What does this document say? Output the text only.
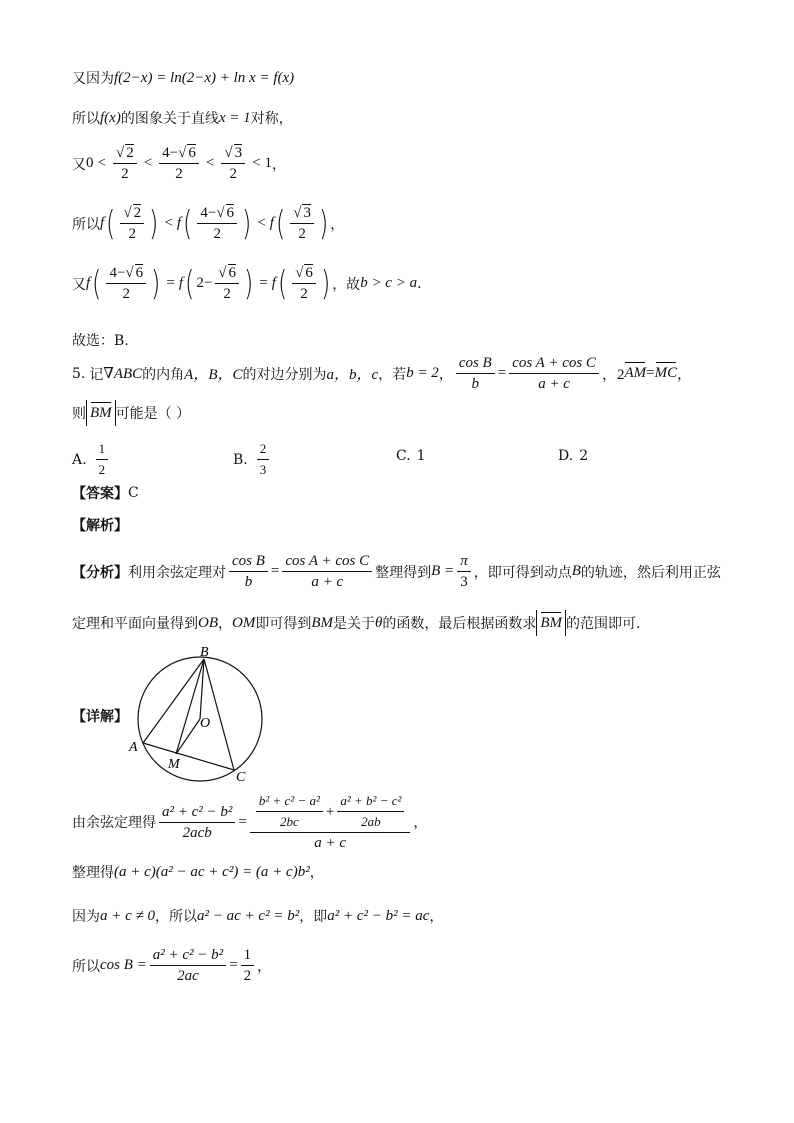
又因为 f(2−x) = ln(2−x) + ln x = f(x)
所以 f(x) 的图象关于直线 x = 1 对称，
又 $0 < \frac{√ 2}{2} < \frac{4-√ 6}{2} < \frac{√ 3}{2} < 1$ ，
所以 f ( $\frac{√ 2}{2}$ ) < f ( $\frac{4-√ 6}{2}$ ) < f ( $\frac{√ 3}{2}$ ) ，
又 f ( $\frac{4-√ 6}{2}$ ) = f ( $2 - \frac{√ 6}{2}$ ) = f ( $\frac{√ 6}{2}$ ) ，故 b > c > a .
故选：B.
5. 记 ∇ABC 的内角 A，B，C 的对边分别为 a，b，c ，若 b = 2 ， $\frac{\text{cos B}}{b} = \frac{\text{cos A + cos C}}{a + c}$ ，2 AM = MC ，
则 BM 可能是（ ）
A. $\frac{1}{2}$	B. $\frac{2}{3}$	C. 1	D. 2
【答案】 C
【解析】
【分析】 利用余弦定理对 $\frac{\text{cos B}}{b} = \frac{\text{cos A + cos C}}{a + c}$ 整理得到 $B = \frac{\pi}{3}$ ，即可得到动点 B 的轨迹，然后利用正弦
定理和平面向量得到 OB ， OM 即可得到 BM 是关于 θ 的函数，最后根据函数求 BM 的范围即可.
【详解】
B
O
A
M
C
由余弦定理得 $\frac{\text{a² + c² − b²}}{\text{2acb}} = \frac{\text{b² + c² − a²}}{2bc} + \frac{\text{a² + b² − c²}}{2ab}$
a + c
，
整理得 (a + c)(a² − ac + c²) = (a + c)b² ，
因为 a + c ≠ 0 ，所以 a² − ac + c² = b² ，即 a² + c² − b² = ac ，
所以 $\cos B = \frac{\text{a² + c² − b²}}{2ac} = \frac{1}{2}$ ，
